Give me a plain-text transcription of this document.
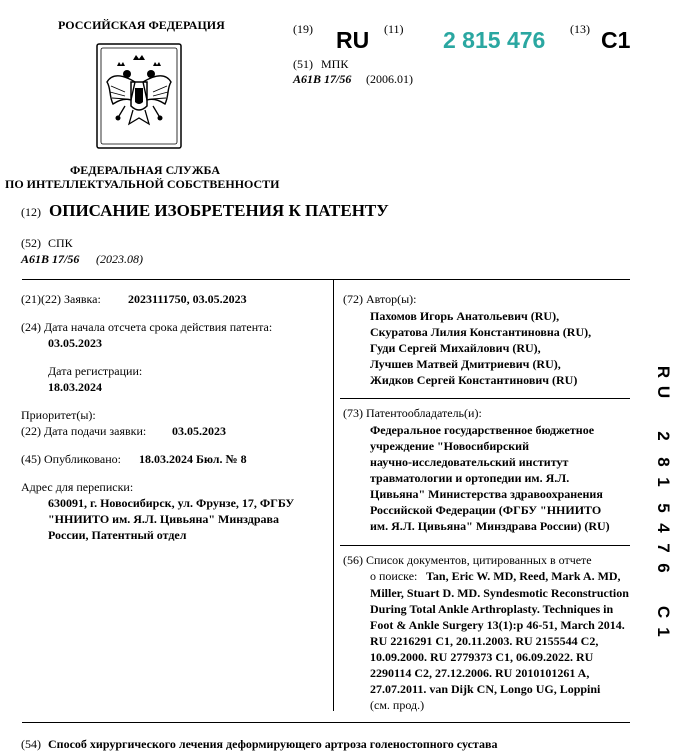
РОССИЙСКАЯ ФЕДЕРАЦИЯ
ФЕДЕРАЛЬНАЯ СЛУЖБА
ПО ИНТЕЛЛЕКТУАЛЬНОЙ СОБСТВЕННОСТИ
(19) RU (11) 2 815 476 (13) C1
(51) МПК
A61B 17/56 (2006.01)
(12) ОПИСАНИЕ ИЗОБРЕТЕНИЯ К ПАТЕНТУ
(52) СПК
A61B 17/56 (2023.08)
(21)(22) Заявка: 2023111750, 03.05.2023
(24) Дата начала отсчета срока действия патента:
03.05.2023
Дата регистрации:
18.03.2024
Приоритет(ы):
(22) Дата подачи заявки: 03.05.2023
(45) Опубликовано: 18.03.2024 Бюл. № 8
Адрес для переписки:
630091, г. Новосибирск, ул. Фрунзе, 17, ФГБУ
"ННИИТО им. Я.Л. Цивьяна" Минздрава
России, Патентный отдел
(72) Автор(ы):
Пахомов Игорь Анатольевич (RU),
Скуратова Лилия Константиновна (RU),
Гуди Сергей Михайлович (RU),
Лучшев Матвей Дмитриевич (RU),
Жидков Сергей Константинович (RU)
(73) Патентообладатель(и):
Федеральное государственное бюджетное
учреждение "Новосибирский
научно-исследовательский институт
травматологии и ортопедии им. Я.Л.
Цивьяна" Министерства здравоохранения
Российской Федерации (ФГБУ "ННИИТО
им. Я.Л. Цивьяна" Минздрава России) (RU)
(56) Список документов, цитированных в отчете
о поиске: Tan, Eric W. MD, Reed, Mark A. MD,
Miller, Stuart D. MD. Syndesmotic Reconstruction
During Total Ankle Arthroplasty. Techniques in
Foot & Ankle Surgery 13(1):p 46-51, March 2014.
RU 2216291 C1, 20.11.2003. RU 2155544 C2,
10.09.2000. RU 2779373 C1, 06.09.2022. RU
2290114 C2, 27.12.2006. RU 2010101261 A,
27.07.2011. van Dijk CN, Longo UG, Loppini
(см. прод.)
R
U
2
8
1
5
4
7
6
C
1
(54) Способ хирургического лечения деформирующего артроза голеностопного сустава
